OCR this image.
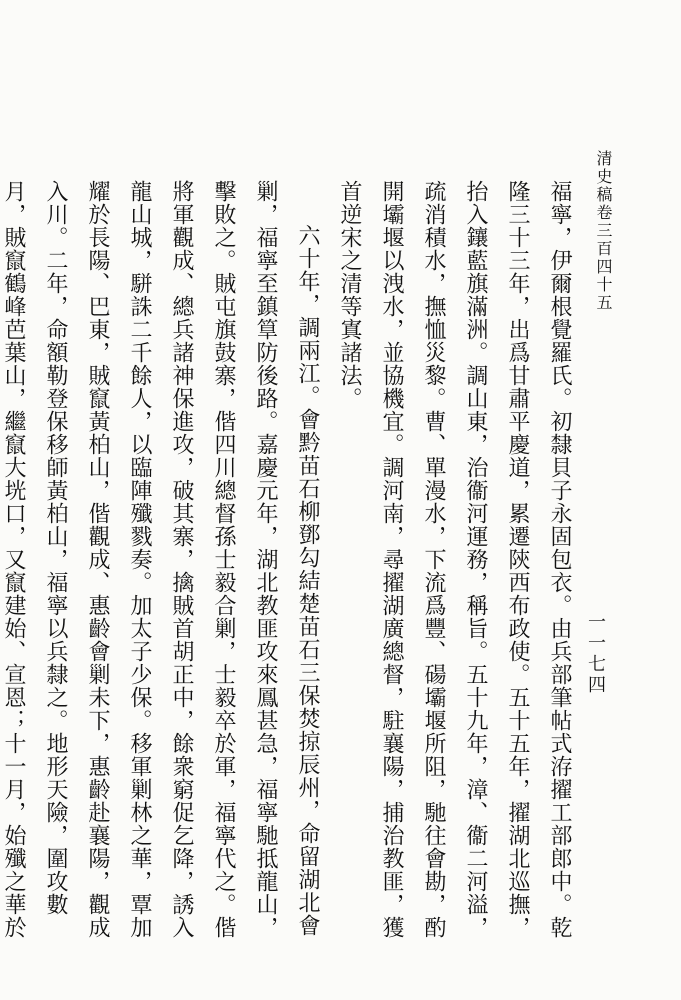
清史稿卷三百四十五
一一七四

福寧，伊爾根覺羅氏。初隸貝子永固包衣。由兵部筆帖式洊擢工部郎中。乾隆三十三年，出爲甘肅平慶道，累遷陝西布政使。五十五年，擢湖北巡撫，抬入鑲藍旗滿洲。調山東，治衞河運務，稱旨。五十九年，漳、衞二河溢，疏消積水，撫恤災黎。曹、單漫水，下流爲豐、碭壩堰所阻，馳往會勘，酌開壩堰以洩水，並協機宜。調河南，尋擢湖廣總督，駐襄陽，捕治教匪，獲首逆宋之清等寘諸法。

六十年，調兩江。會黔苗石柳鄧勾結楚苗石三保焚掠辰州，命留湖北會剿，福寧至鎮筸防後路。嘉慶元年，湖北教匪攻來鳳甚急，福寧馳抵龍山，擊敗之。賊屯旗鼓寨，偕四川總督孫士毅合剿，士毅卒於軍，福寧代之。偕將軍觀成、總兵諸神保進攻，破其寨，擒賊首胡正中，餘衆窮促乞降，誘入龍山城，駢誅二千餘人，以臨陣殲戮奏。加太子少保。移軍剿林之華，覃加耀於長陽、巴東，賊竄黃柏山，偕觀成、惠齡會剿未下，惠齡赴襄陽，觀成入川。二年，命額勒登保移師黃柏山，福寧以兵隸之。地形天險，圍攻數月，賊竄鶴峰芭葉山，繼竄大垙口，又竄建始、宣恩；十一月，始殲之華於
